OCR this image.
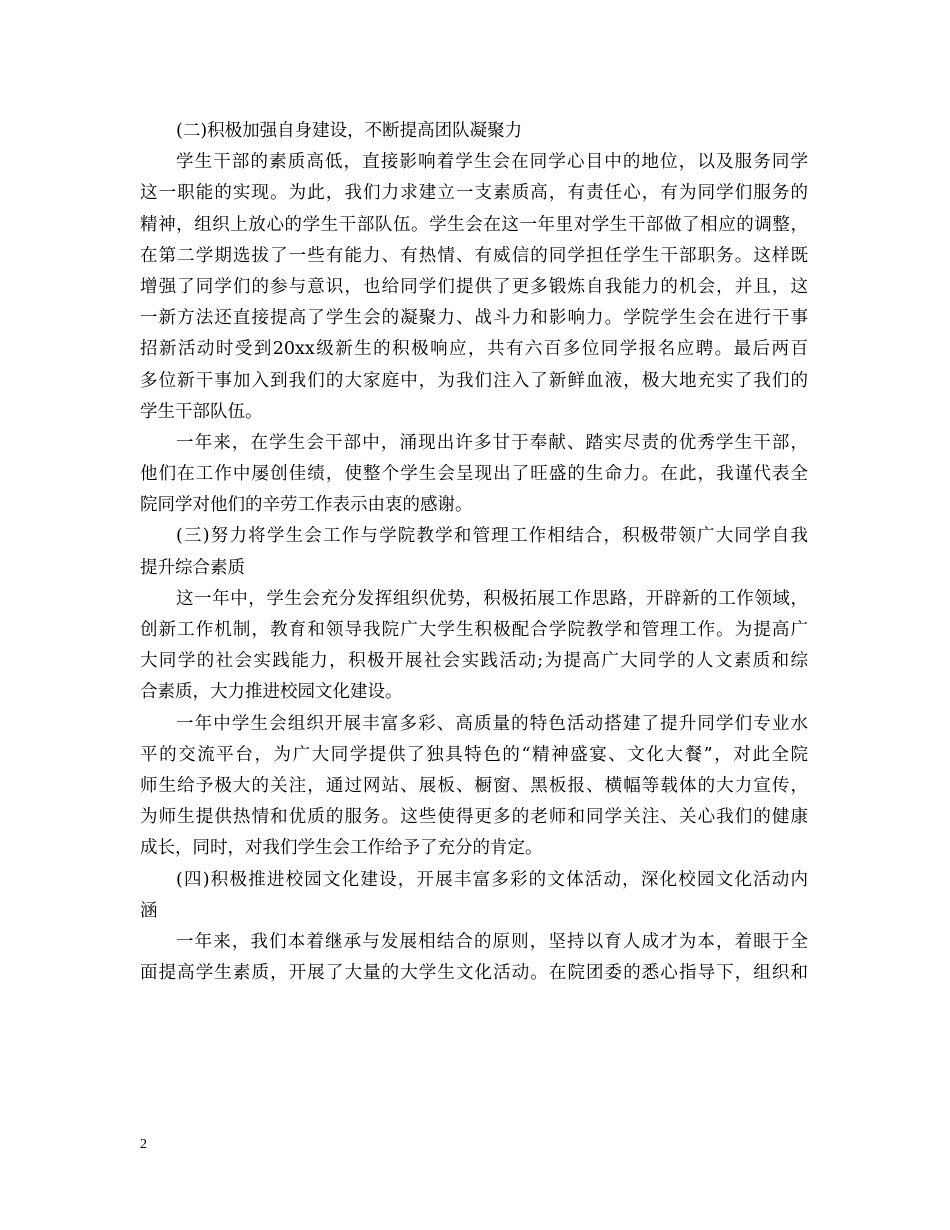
(二)积极加强自身建设，不断提高团队凝聚力
学生干部的素质高低，直接影响着学生会在同学心目中的地位，以及服务同学
这一职能的实现。为此，我们力求建立一支素质高，有责任心，有为同学们服务的
精神，组织上放心的学生干部队伍。学生会在这一年里对学生干部做了相应的调整，
在第二学期选拔了一些有能力、有热情、有威信的同学担任学生干部职务。这样既
增强了同学们的参与意识，也给同学们提供了更多锻炼自我能力的机会，并且，这
一新方法还直接提高了学生会的凝聚力、战斗力和影响力。学院学生会在进行干事
招新活动时受到20xx级新生的积极响应，共有六百多位同学报名应聘。最后两百
多位新干事加入到我们的大家庭中，为我们注入了新鲜血液，极大地充实了我们的
学生干部队伍。
一年来，在学生会干部中，涌现出许多甘于奉献、踏实尽责的优秀学生干部，
他们在工作中屡创佳绩，使整个学生会呈现出了旺盛的生命力。在此，我谨代表全
院同学对他们的辛劳工作表示由衷的感谢。
(三)努力将学生会工作与学院教学和管理工作相结合，积极带领广大同学自我
提升综合素质
这一年中，学生会充分发挥组织优势，积极拓展工作思路，开辟新的工作领域，
创新工作机制，教育和领导我院广大学生积极配合学院教学和管理工作。为提高广
大同学的社会实践能力，积极开展社会实践活动;为提高广大同学的人文素质和综
合素质，大力推进校园文化建设。
一年中学生会组织开展丰富多彩、高质量的特色活动搭建了提升同学们专业水
平的交流平台，为广大同学提供了独具特色的“精神盛宴、文化大餐”，对此全院
师生给予极大的关注，通过网站、展板、橱窗、黑板报、横幅等载体的大力宣传，
为师生提供热情和优质的服务。这些使得更多的老师和同学关注、关心我们的健康
成长，同时，对我们学生会工作给予了充分的肯定。
(四)积极推进校园文化建设，开展丰富多彩的文体活动，深化校园文化活动内
涵
一年来，我们本着继承与发展相结合的原则，坚持以育人成才为本，着眼于全
面提高学生素质，开展了大量的大学生文化活动。在院团委的悉心指导下，组织和
2
